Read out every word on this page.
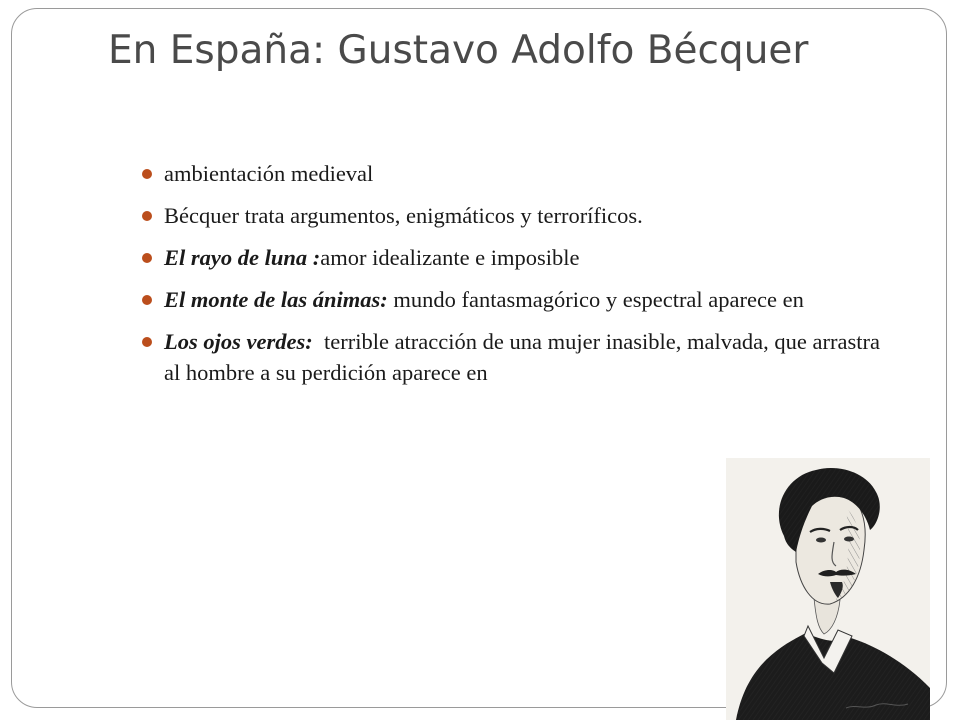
En España: Gustavo Adolfo Bécquer
ambientación medieval
Bécquer trata argumentos, enigmáticos y terroríficos.
El rayo de luna :amor idealizante e imposible
El monte de las ánimas: mundo fantasmagórico y espectral aparece en
Los ojos verdes:  terrible atracción de una mujer inasible, malvada, que arrastra al hombre a su perdición aparece en
